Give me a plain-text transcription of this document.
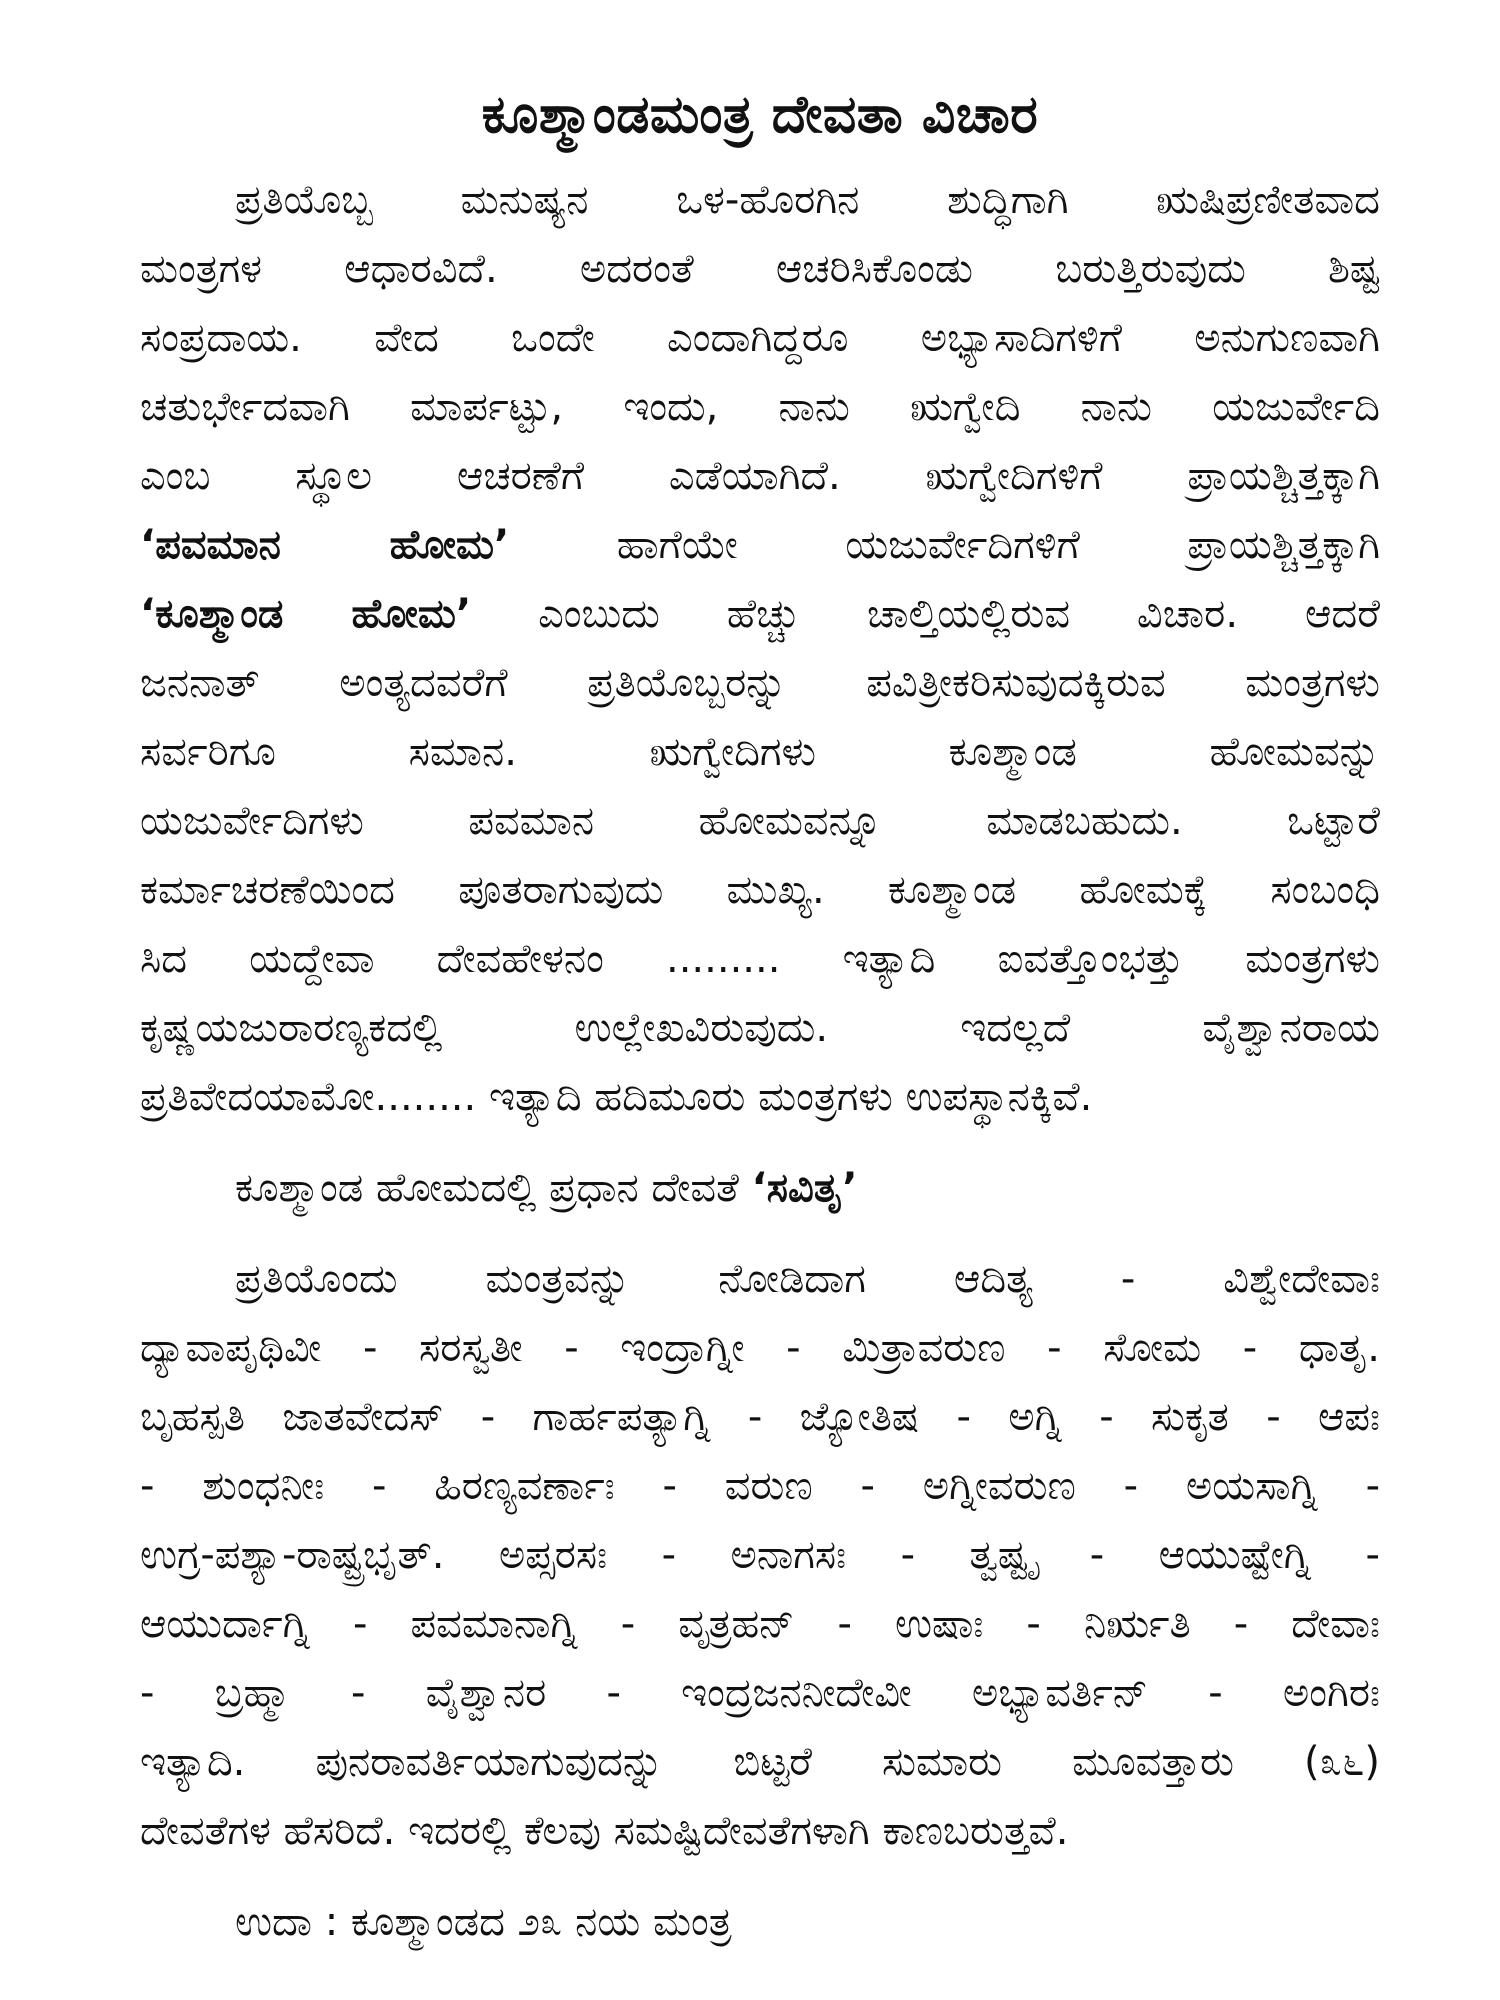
ಕೂಶ್ಮಾಂಡಮಂತ್ರ ದೇವತಾ ವಿಚಾರ
ಪ್ರತಿಯೊಬ್ಬ ಮನುಷ್ಯನ ಒಳ-ಹೊರಗಿನ ಶುದ್ಧಿಗಾಗಿ ಋಷಿಪ್ರಣೀತವಾದ
ಮಂತ್ರಗಳ ಆಧಾರವಿದೆ. ಅದರಂತೆ ಆಚರಿಸಿಕೊಂಡು ಬರುತ್ತಿರುವುದು ಶಿಷ್ಟ
ಸಂಪ್ರದಾಯ. ವೇದ ಒಂದೇ ಎಂದಾಗಿದ್ದರೂ ಅಭ್ಯಾಸಾದಿಗಳಿಗೆ ಅನುಗುಣವಾಗಿ
ಚತುರ್ಭೇದವಾಗಿ ಮಾರ್ಪಟ್ಟು, ಇಂದು, ನಾನು ಋಗ್ವೇದಿ ನಾನು ಯಜುರ್ವೇದಿ
ಎಂಬ ಸ್ಥೂಲ ಆಚರಣೆಗೆ ಎಡೆಯಾಗಿದೆ. ಋಗ್ವೇದಿಗಳಿಗೆ ಪ್ರಾಯಶ್ಚಿತ್ತಕ್ಕಾಗಿ
‘ಪವಮಾನ ಹೋಮ’ ಹಾಗೆಯೇ ಯಜುರ್ವೇದಿಗಳಿಗೆ ಪ್ರಾಯಶ್ಚಿತ್ತಕ್ಕಾಗಿ
‘ಕೂಶ್ಮಾಂಡ ಹೋಮ’ ಎಂಬುದು ಹೆಚ್ಚು ಚಾಲ್ತಿಯಲ್ಲಿರುವ ವಿಚಾರ. ಆದರೆ
ಜನನಾತ್ ಅಂತ್ಯದವರೆಗೆ ಪ್ರತಿಯೊಬ್ಬರನ್ನು ಪವಿತ್ರೀಕರಿಸುವುದಕ್ಕಿರುವ ಮಂತ್ರಗಳು
ಸರ್ವರಿಗೂ ಸಮಾನ. ಋಗ್ವೇದಿಗಳು ಕೂಶ್ಮಾಂಡ ಹೋಮವನ್ನು
ಯಜುರ್ವೇದಿಗಳು ಪವಮಾನ ಹೋಮವನ್ನೂ ಮಾಡಬಹುದು. ಒಟ್ಟಾರೆ
ಕರ್ಮಾಚರಣೆಯಿಂದ ಪೂತರಾಗುವುದು ಮುಖ್ಯ. ಕೂಶ್ಮಾಂಡ ಹೋಮಕ್ಕೆ ಸಂಬಂಧಿ
ಸಿದ ಯದ್ದೇವಾ ದೇವಹೇಳನಂ ......... ಇತ್ಯಾದಿ ಐವತ್ತೊಂಭತ್ತು ಮಂತ್ರಗಳು
ಕೃಷ್ಣಯಜುರಾರಣ್ಯಕದಲ್ಲಿ ಉಲ್ಲೇಖವಿರುವುದು. ಇದಲ್ಲದೆ ವೈಶ್ವಾನರಾಯ
ಪ್ರತಿವೇದಯಾಮೋ........ ಇತ್ಯಾದಿ ಹದಿಮೂರು ಮಂತ್ರಗಳು ಉಪಸ್ಥಾನಕ್ಕಿವೆ.

ಕೂಶ್ಮಾಂಡ ಹೋಮದಲ್ಲಿ ಪ್ರಧಾನ ದೇವತೆ ‘ಸವಿತೃ’

ಪ್ರತಿಯೊಂದು ಮಂತ್ರವನ್ನು ನೋಡಿದಾಗ ಆದಿತ್ಯ - ವಿಶ್ವೇದೇವಾಃ
ದ್ಯಾವಾಪೃಥಿವೀ - ಸರಸ್ವತೀ - ಇಂದ್ರಾಗ್ನೀ - ಮಿತ್ರಾವರುಣ - ಸೋಮ - ಧಾತೃ.
ಬೃಹಸ್ಪತಿ ಜಾತವೇದಸ್ - ಗಾರ್ಹಪತ್ಯಾಗ್ನಿ - ಜ್ಯೋತಿಷ - ಅಗ್ನಿ - ಸುಕೃತ - ಆಪಃ
- ಶುಂಧನೀಃ - ಹಿರಣ್ಯವರ್ಣಾಃ - ವರುಣ - ಅಗ್ನೀವರುಣ - ಅಯಸಾಗ್ನಿ -
ಉಗ್ರ-ಪಶ್ಯಾ-ರಾಷ್ಟ್ರಭೃತ್. ಅಪ್ಸರಸಃ - ಅನಾಗಸಃ - ತ್ವಷ್ಟೃ - ಆಯುಷ್ಟೇಗ್ನಿ -
ಆಯುರ್ದಾಗ್ನಿ - ಪವಮಾನಾಗ್ನಿ - ವೃತ್ರಹನ್ - ಉಷಾಃ - ನಿರ್ಋತಿ - ದೇವಾಃ
- ಬ್ರಹ್ಮಾ - ವೈಶ್ವಾನರ - ಇಂದ್ರಜನನೀದೇವೀ ಅಭ್ಯಾವರ್ತಿನ್ - ಅಂಗಿರಃ
ಇತ್ಯಾದಿ. ಪುನರಾವರ್ತಿಯಾಗುವುದನ್ನು ಬಿಟ್ಟರೆ ಸುಮಾರು ಮೂವತ್ತಾರು (೩೬)
ದೇವತೆಗಳ ಹೆಸರಿದೆ. ಇದರಲ್ಲಿ ಕೆಲವು ಸಮಷ್ಟಿದೇವತೆಗಳಾಗಿ ಕಾಣಬರುತ್ತವೆ.

ಉದಾ : ಕೂಶ್ಮಾಂಡದ ೨೩ ನಯ ಮಂತ್ರ
